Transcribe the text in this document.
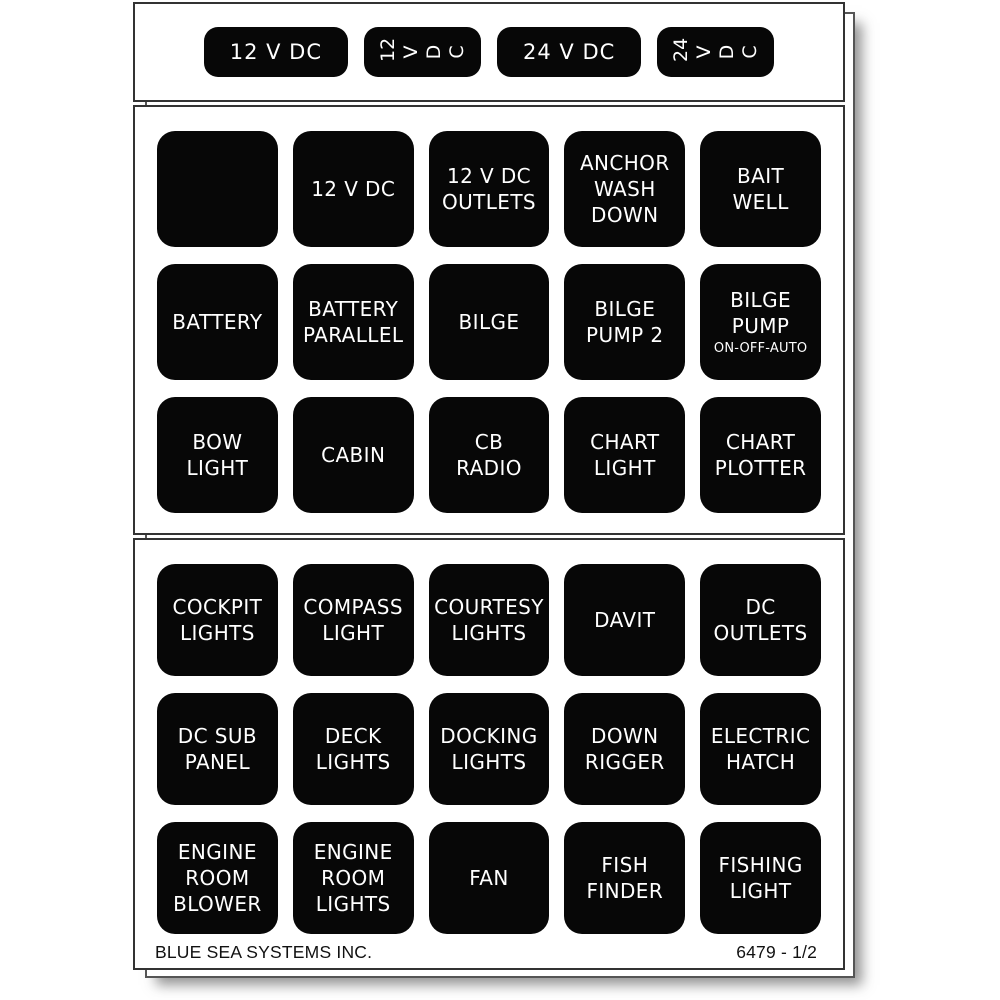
12 V DC	12 V D C	24 V DC	24 V D C
12 V DC
12 V DC
OUTLETS
ANCHOR
WASH
DOWN
BAIT
WELL
BATTERY
BATTERY
PARALLEL
BILGE
BILGE
PUMP 2
BILGE
PUMP
ON-OFF-AUTO
BOW
LIGHT
CABIN
CB
RADIO
CHART
LIGHT
CHART
PLOTTER
COCKPIT
LIGHTS
COMPASS
LIGHT
COURTESY
LIGHTS
DAVIT
DC
OUTLETS
DC SUB
PANEL
DECK
LIGHTS
DOCKING
LIGHTS
DOWN
RIGGER
ELECTRIC
HATCH
ENGINE
ROOM
BLOWER
ENGINE
ROOM
LIGHTS
FAN
FISH
FINDER
FISHING
LIGHT
BLUE SEA SYSTEMS INC.	6479 - 1/2
